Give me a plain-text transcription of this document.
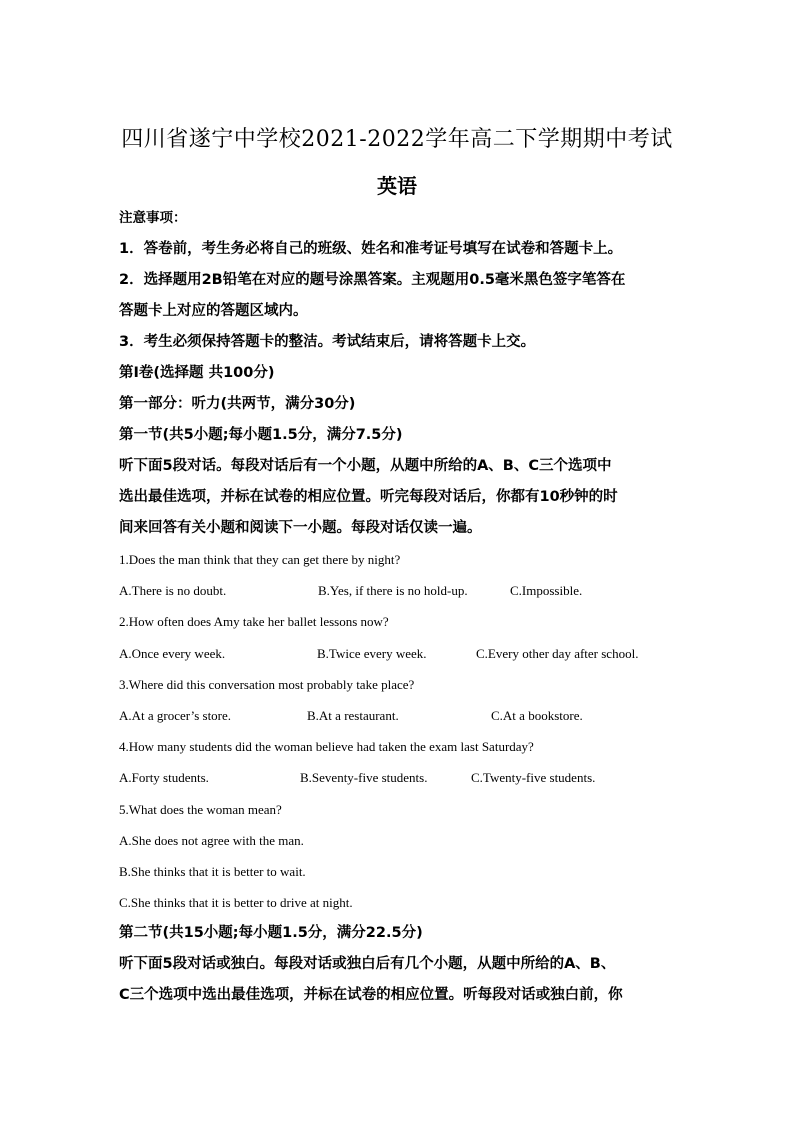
四川省遂宁中学校2021-2022学年高二下学期期中考试
英语

注意事项：

1．答卷前，考生务必将自己的班级、姓名和准考证号填写在试卷和答题卡上。

2．选择题用2B铅笔在对应的题号涂黑答案。主观题用0.5毫米黑色签字笔答在

答题卡上对应的答题区域内。

3．考生必须保持答题卡的整洁。考试结束后，请将答题卡上交。

第I卷(选择题 共100分)

第一部分：听力(共两节，满分30分)

第一节(共5小题;每小题1.5分，满分7.5分)

听下面5段对话。每段对话后有一个小题，从题中所给的A、B、C三个选项中

选出最佳选项，并标在试卷的相应位置。听完每段对话后，你都有10秒钟的时

间来回答有关小题和阅读下一小题。每段对话仅读一遍。

1.Does the man think that they can get there by night?

A.There is no doubt.	B.Yes, if there is no hold-up.	C.Impossible.

2.How often does Amy take her ballet lessons now?

A.Once every week.	B.Twice every week.	C.Every other day after school.

3.Where did this conversation most probably take place?

A.At a grocer’s store.	B.At a restaurant.	C.At a bookstore.

4.How many students did the woman believe had taken the exam last Saturday?

A.Forty students.	B.Seventy-five students.	C.Twenty-five students.

5.What does the woman mean?

A.She does not agree with the man.

B.She thinks that it is better to wait.

C.She thinks that it is better to drive at night.

第二节(共15小题;每小题1.5分，满分22.5分)

听下面5段对话或独白。每段对话或独白后有几个小题，从题中所给的A、B、

C三个选项中选出最佳选项，并标在试卷的相应位置。听每段对话或独白前，你
